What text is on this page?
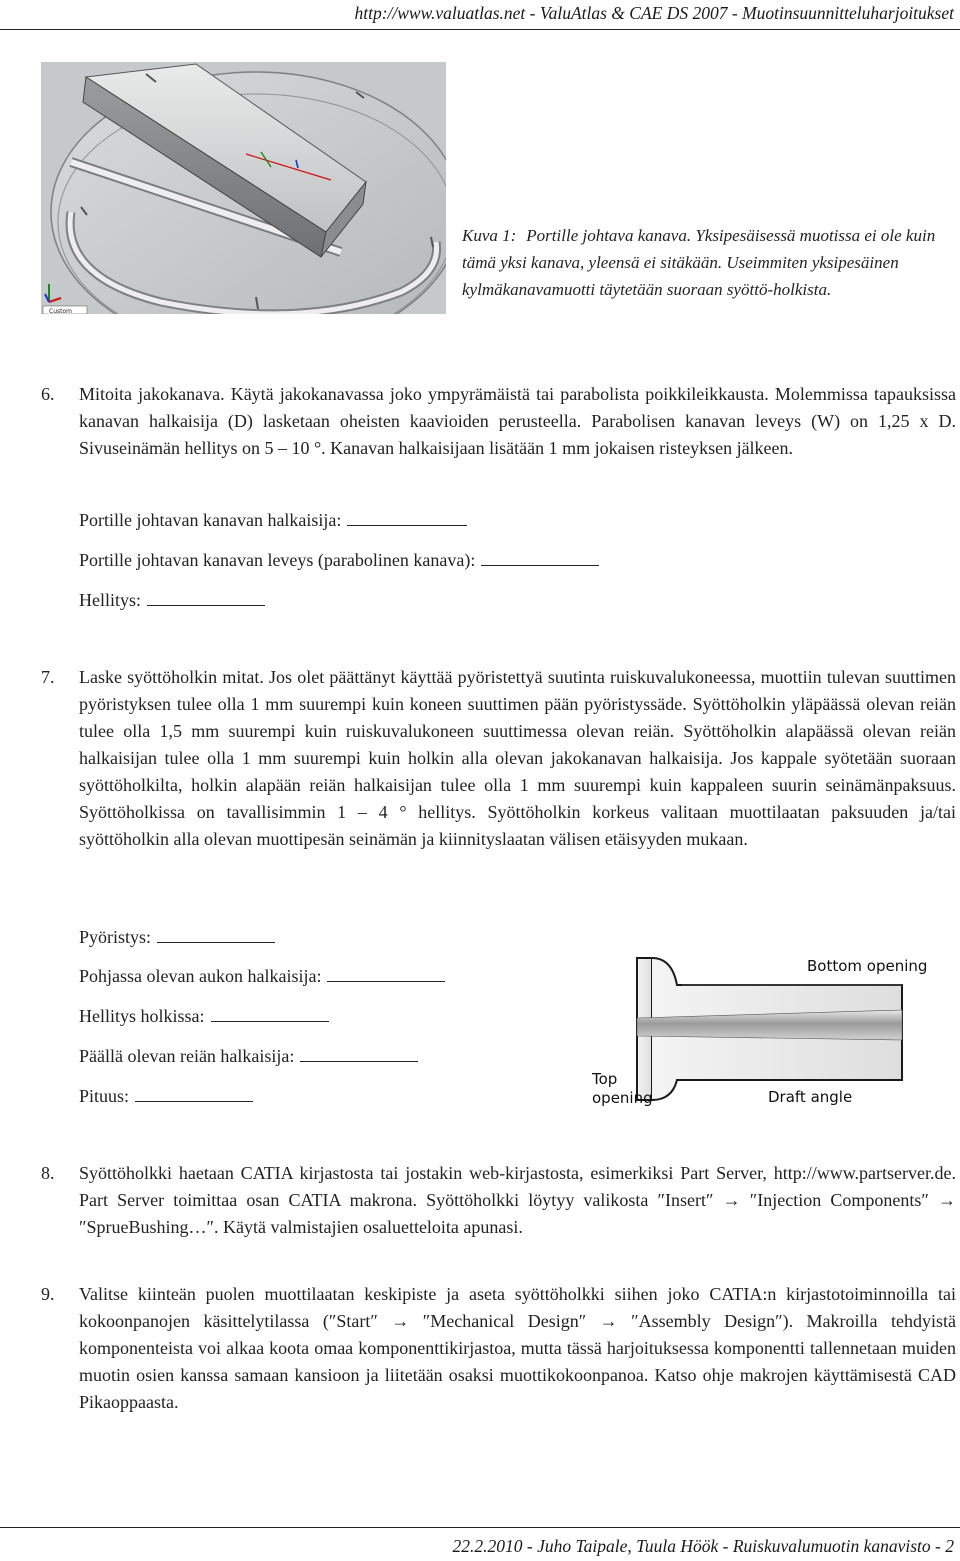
http://www.valuatlas.net - ValuAtlas & CAE DS 2007 - Muotinsuunnitteluharjoitukset
Custom
Kuva 1: Portille johtava kanava. Yksipesäisessä muotissa ei ole kuin tämä yksi kanava, yleensä ei sitäkään. Useimmiten yksipesäinen kylmäkanavamuotti täytetään suoraan syöttö-holkista.
6. Mitoita jakokanava. Käytä jakokanavassa joko ympyrämäistä tai parabolista poikkileikkausta. Molemmissa tapauksissa kanavan halkaisija (D) lasketaan oheisten kaavioiden perusteella. Parabolisen kanavan leveys (W) on 1,25 x D. Sivuseinämän hellitys on 5 – 10 °. Kanavan halkaisijaan lisätään 1 mm jokaisen risteyksen jälkeen.
Portille johtavan kanavan halkaisija:
Portille johtavan kanavan leveys (parabolinen kanava):
Hellitys:
7. Laske syöttöholkin mitat. Jos olet päättänyt käyttää pyöristettyä suutinta ruiskuvalukoneessa, muottiin tulevan suuttimen pyöristyksen tulee olla 1 mm suurempi kuin koneen suuttimen pään pyöristyssäde. Syöttöholkin yläpäässä olevan reiän tulee olla 1,5 mm suurempi kuin ruiskuvalukoneen suuttimessa olevan reiän. Syöttöholkin alapäässä olevan reiän halkaisijan tulee olla 1 mm suurempi kuin holkin alla olevan jakokanavan halkaisija. Jos kappale syötetään suoraan syöttöholkilta, holkin alapään reiän halkaisijan tulee olla 1 mm suurempi kuin kappaleen suurin seinämänpaksuus. Syöttöholkissa on tavallisimmin 1 – 4 ° hellitys. Syöttöholkin korkeus valitaan muottilaatan paksuuden ja/tai syöttöholkin alla olevan muottipesän seinämän ja kiinnityslaatan välisen etäisyyden mukaan.
Pyöristys:
Pohjassa olevan aukon halkaisija:
Hellitys holkissa:
Päällä olevan reiän halkaisija:
Pituus:
Bottom opening
Top
opening	Draft angle
8. Syöttöholkki haetaan CATIA kirjastosta tai jostakin web-kirjastosta, esimerkiksi Part Server, http://www.partserver.de. Part Server toimittaa osan CATIA makrona. Syöttöholkki löytyy valikosta ″Insert″ → ″Injection Components″ → ″SprueBushing…″. Käytä valmistajien osaluetteloita apunasi.
9. Valitse kiinteän puolen muottilaatan keskipiste ja aseta syöttöholkki siihen joko CATIA:n kirjastotoiminnoilla tai kokoonpanojen käsittelytilassa (″Start″ → ″Mechanical Design″ → ″Assembly Design″). Makroilla tehdyistä komponenteista voi alkaa koota omaa komponenttikirjastoa, mutta tässä harjoituksessa komponentti tallennetaan muiden muotin osien kanssa samaan kansioon ja liitetään osaksi muottikokoonpanoa. Katso ohje makrojen käyttämisestä CAD Pikaoppaasta.
22.2.2010 - Juho Taipale, Tuula Höök - Ruiskuvalumuotin kanavisto - 2
